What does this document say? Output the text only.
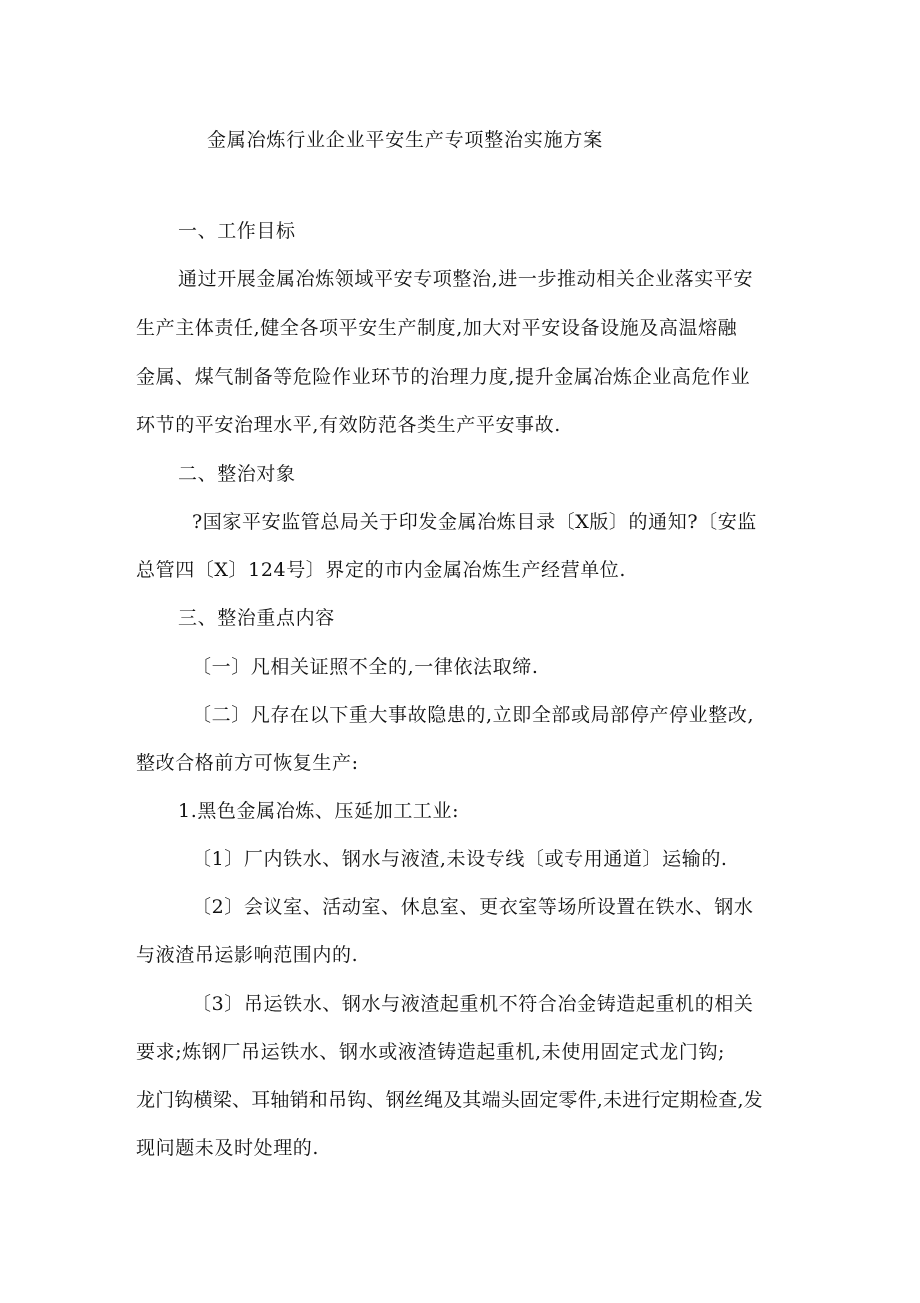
金属冶炼行业企业平安生产专项整治实施方案
一、工作目标
通过开展金属冶炼领域平安专项整治,进一步推动相关企业落实平安
生产主体责任,健全各项平安生产制度,加大对平安设备设施及高温熔融
金属、煤气制备等危险作业环节的治理力度,提升金属冶炼企业高危作业
环节的平安治理水平,有效防范各类生产平安事故.
二、整治对象
?国家平安监管总局关于印发金属冶炼目录〔X版〕的通知?〔安监
总管四〔X〕124号〕界定的市内金属冶炼生产经营单位.
三、整治重点内容
〔一〕凡相关证照不全的,一律依法取缔.
〔二〕凡存在以下重大事故隐患的,立即全部或局部停产停业整改,
整改合格前方可恢复生产:
1.黑色金属冶炼、压延加工工业:
〔1〕厂内铁水、钢水与液渣,未设专线〔或专用通道〕运输的.
〔2〕会议室、活动室、休息室、更衣室等场所设置在铁水、钢水
与液渣吊运影响范围内的.
〔3〕吊运铁水、钢水与液渣起重机不符合冶金铸造起重机的相关
要求;炼钢厂吊运铁水、钢水或液渣铸造起重机,未使用固定式龙门钩;
龙门钩横梁、耳轴销和吊钩、钢丝绳及其端头固定零件,未进行定期检查,发
现问题未及时处理的.
